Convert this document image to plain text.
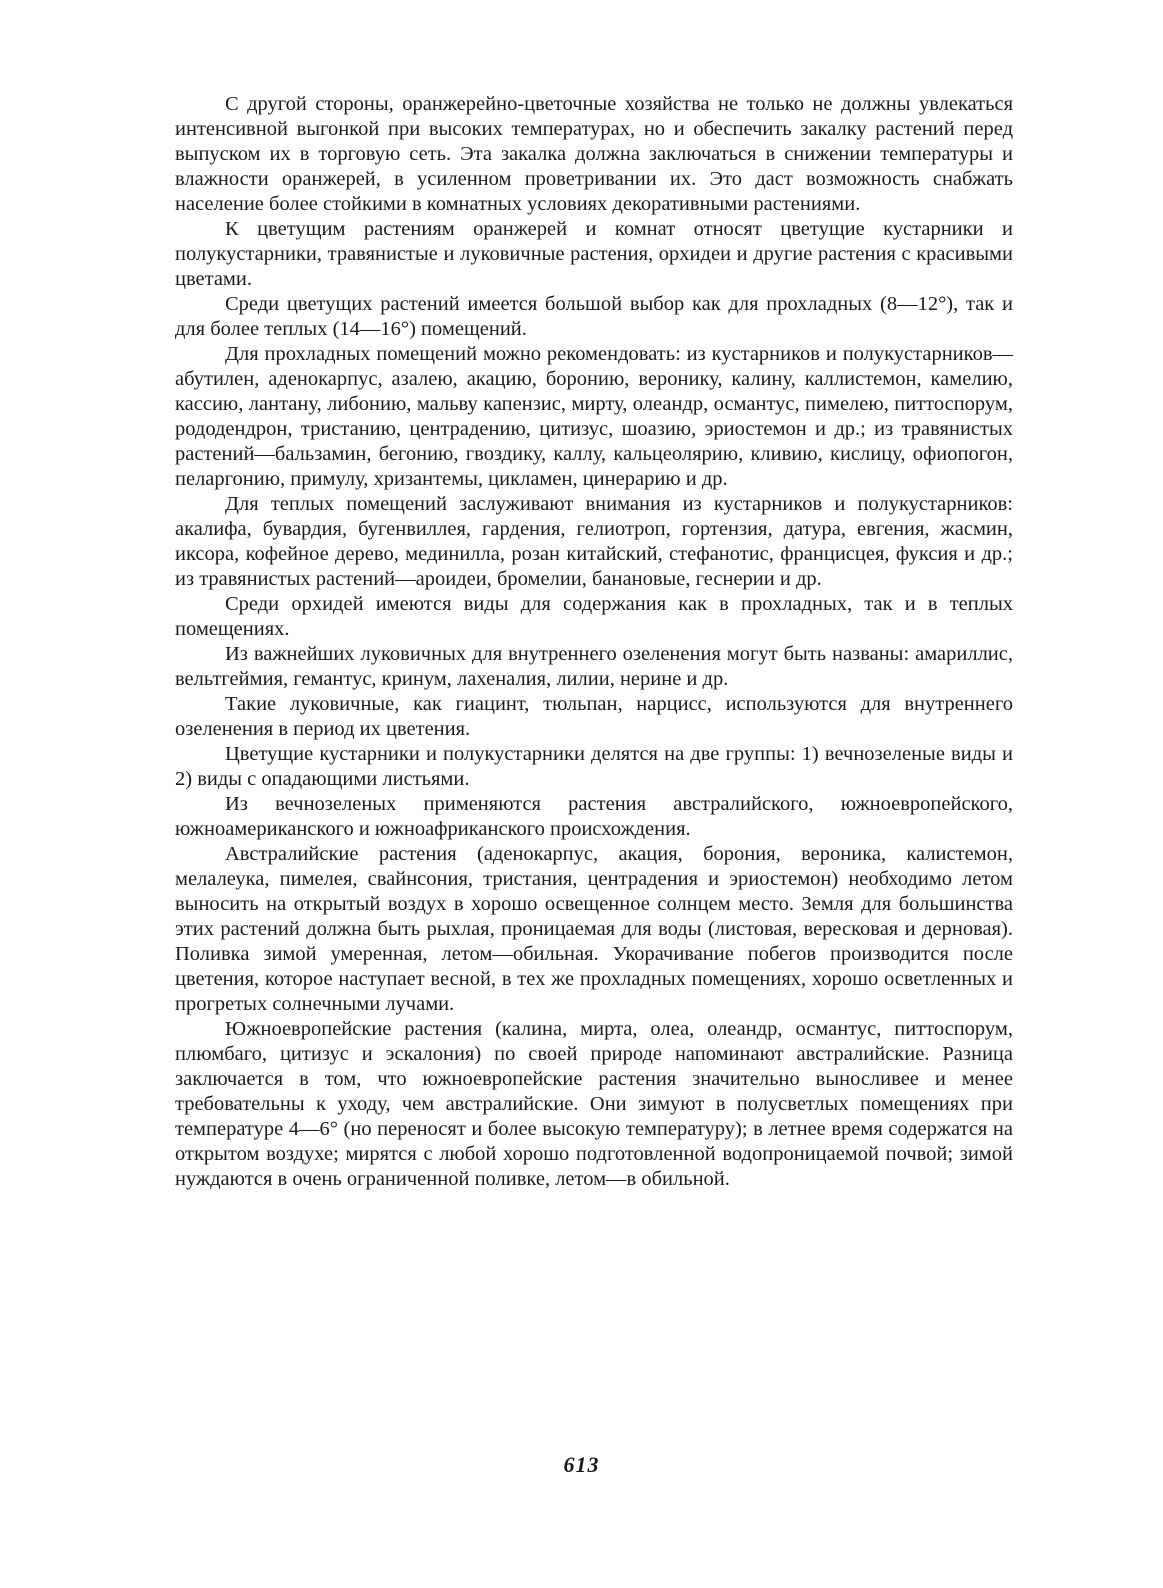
С другой стороны, оранжерейно-цветочные хозяйства не только не должны увлекаться интенсивной выгонкой при высоких температурах, но и обеспечить закалку растений перед выпуском их в торговую сеть. Эта закалка должна заключаться в снижении температуры и влажности оранжерей, в усиленном проветривании их. Это даст возможность снабжать население более стойкими в комнатных условиях декоративными растениями.

К цветущим растениям оранжерей и комнат относят цветущие кустарники и полукустарники, травянистые и луковичные растения, орхидеи и другие растения с красивыми цветами.

Среди цветущих растений имеется большой выбор как для прохладных (8—12°), так и для более теплых (14—16°) помещений.

Для прохладных помещений можно рекомендовать: из кустарников и полукустарников—абутилен, аденокарпус, азалею, акацию, боронию, веронику, калину, каллистемон, камелию, кассию, лантану, либонию, мальву капензис, мирту, олеандр, османтус, пимелею, питтоспорум, рододендрон, тристанию, центрадению, цитизус, шоазию, эриостемон и др.; из травянистых растений—бальзамин, бегонию, гвоздику, каллу, кальцеолярию, кливию, кислицу, офиопогон, пеларгонию, примулу, хризантемы, цикламен, цинерарию и др.

Для теплых помещений заслуживают внимания из кустарников и полукустарников: акалифа, бувардия, бугенвиллея, гардения, гелиотроп, гортензия, датура, евгения, жасмин, иксора, кофейное дерево, мединилла, розан китайский, стефанотис, францисцея, фуксия и др.; из травянистых растений—ароидеи, бромелии, банановые, геснерии и др.

Среди орхидей имеются виды для содержания как в прохладных, так и в теплых помещениях.

Из важнейших луковичных для внутреннего озеленения могут быть названы: амариллис, вельтгеймия, гемантус, кринум, лахеналия, лилии, нерине и др.

Такие луковичные, как гиацинт, тюльпан, нарцисс, используются для внутреннего озеленения в период их цветения.

Цветущие кустарники и полукустарники делятся на две группы: 1) вечнозеленые виды и 2) виды с опадающими листьями.

Из вечнозеленых применяются растения австралийского, южноевропейского, южноамериканского и южноафриканского происхождения.

Австралийские растения (аденокарпус, акация, борония, вероника, калистемон, мелалеука, пимелея, свайнсония, тристания, центрадения и эриостемон) необходимо летом выносить на открытый воздух в хорошо освещенное солнцем место. Земля для большинства этих растений должна быть рыхлая, проницаемая для воды (листовая, вересковая и дерновая). Поливка зимой умеренная, летом—обильная. Укорачивание побегов производится после цветения, которое наступает весной, в тех же прохладных помещениях, хорошо осветленных и прогретых солнечными лучами.

Южноевропейские растения (калина, мирта, олеа, олеандр, османтус, питтоспорум, плюмбаго, цитизус и эскалония) по своей природе напоминают австралийские. Разница заключается в том, что южноевропейские растения значительно выносливее и менее требовательны к уходу, чем австралийские. Они зимуют в полусветлых помещениях при температуре 4—6° (но переносят и более высокую температуру); в летнее время содержатся на открытом воздухе; мирятся с любой хорошо подготовленной водопроницаемой почвой; зимой нуждаются в очень ограниченной поливке, летом—в обильной.

613
